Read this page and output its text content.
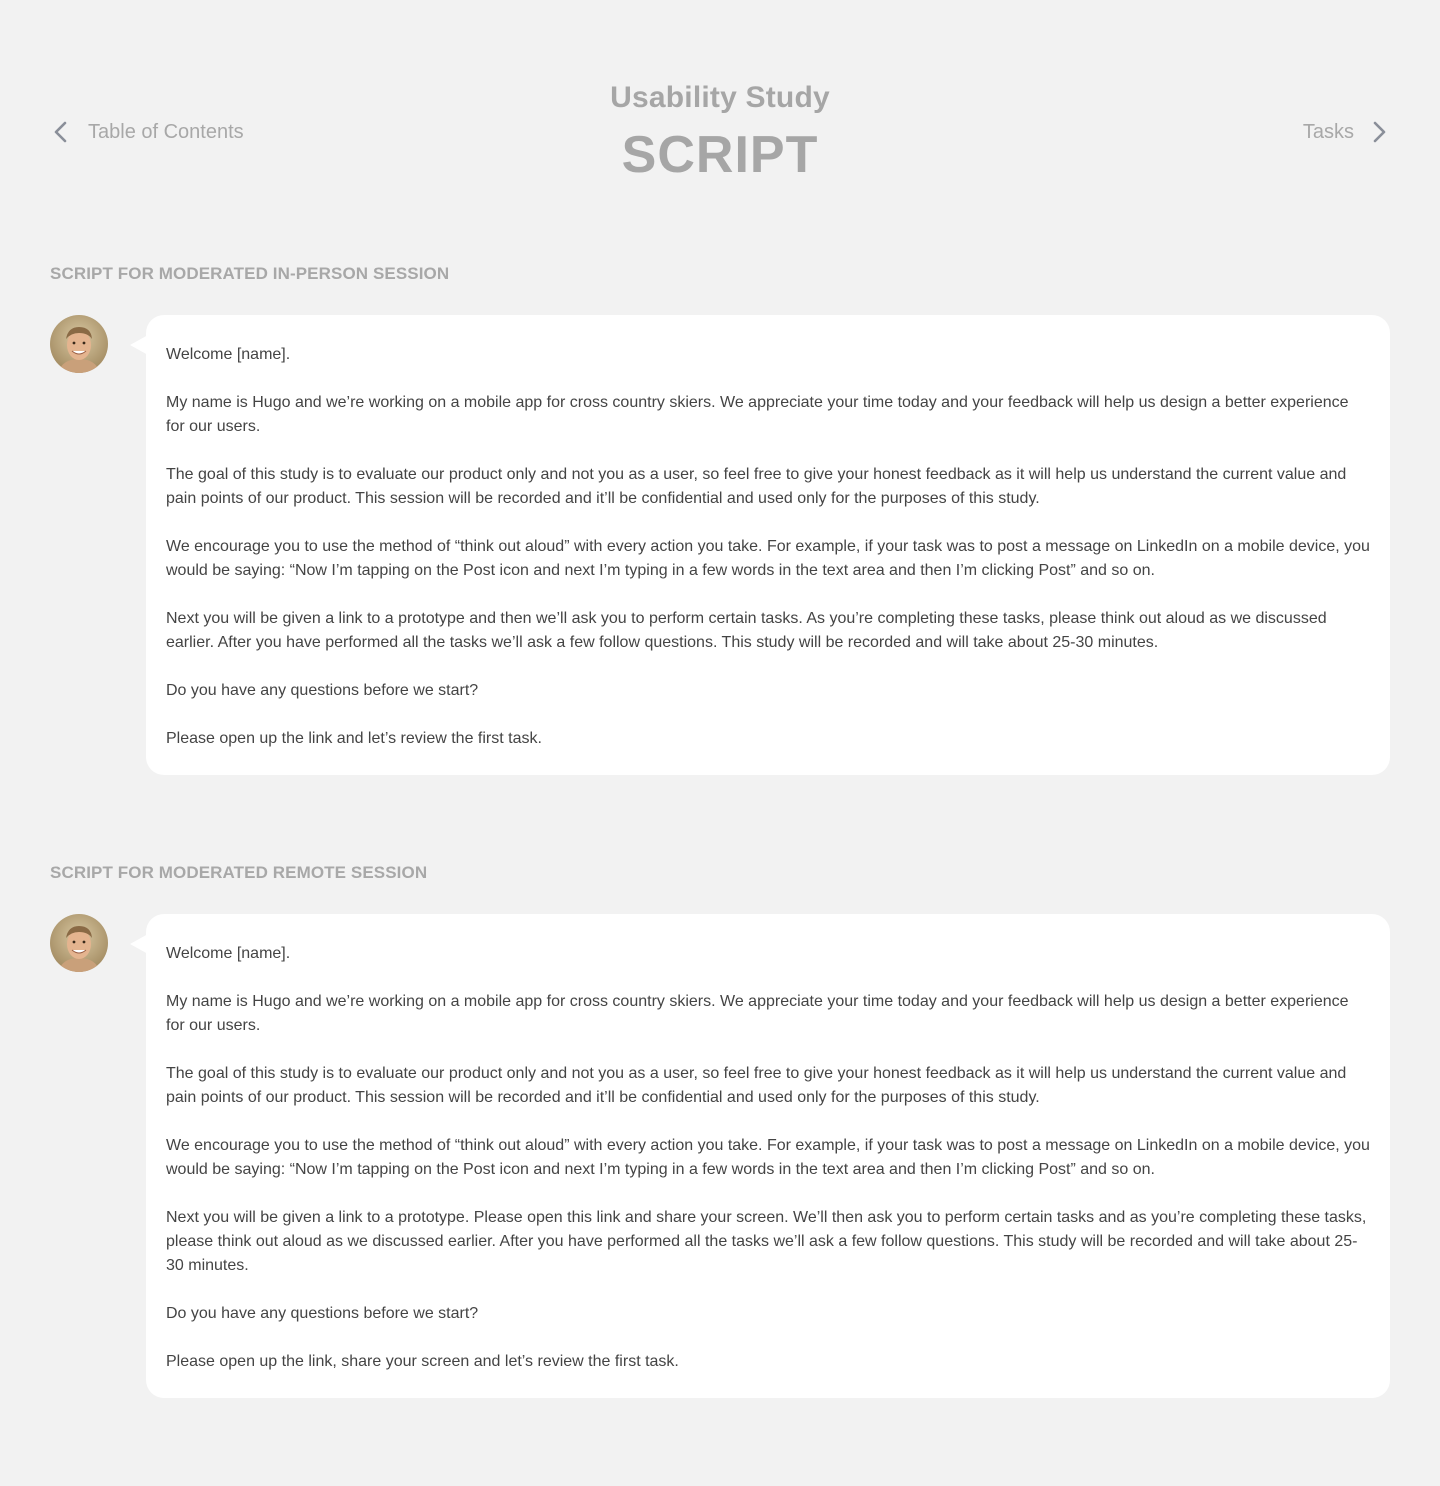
Table of Contents
Usability Study
SCRIPT	Tasks
SCRIPT FOR MODERATED IN-PERSON SESSION

Welcome [name].

My name is Hugo and we’re working on a mobile app for cross country skiers. We appreciate your time today and your feedback will help us design a better experience for our users.

The goal of this study is to evaluate our product only and not you as a user, so feel free to give your honest feedback as it will help us understand the current value and pain points of our product. This session will be recorded and it’ll be confidential and used only for the purposes of this study.

We encourage you to use the method of “think out aloud” with every action you take. For example, if your task was to post a message on LinkedIn on a mobile device, you would be saying: “Now I’m tapping on the Post icon and next I’m typing in a few words in the text area and then I’m clicking Post” and so on.

Next you will be given a link to a prototype and then we’ll ask you to perform certain tasks. As you’re completing these tasks, please think out aloud as we discussed earlier. After you have performed all the tasks we’ll ask a few follow questions. This study will be recorded and will take about 25-30 minutes.

Do you have any questions before we start?

Please open up the link and let’s review the first task.

SCRIPT FOR MODERATED REMOTE SESSION

Welcome [name].

My name is Hugo and we’re working on a mobile app for cross country skiers. We appreciate your time today and your feedback will help us design a better experience for our users.

The goal of this study is to evaluate our product only and not you as a user, so feel free to give your honest feedback as it will help us understand the current value and pain points of our product. This session will be recorded and it’ll be confidential and used only for the purposes of this study.

We encourage you to use the method of “think out aloud” with every action you take. For example, if your task was to post a message on LinkedIn on a mobile device, you would be saying: “Now I’m tapping on the Post icon and next I’m typing in a few words in the text area and then I’m clicking Post” and so on.

Next you will be given a link to a prototype. Please open this link and share your screen. We’ll then ask you to perform certain tasks and as you’re completing these tasks, please think out aloud as we discussed earlier. After you have performed all the tasks we’ll ask a few follow questions. This study will be recorded and will take about 25-30 minutes.

Do you have any questions before we start?

Please open up the link, share your screen and let’s review the first task.
